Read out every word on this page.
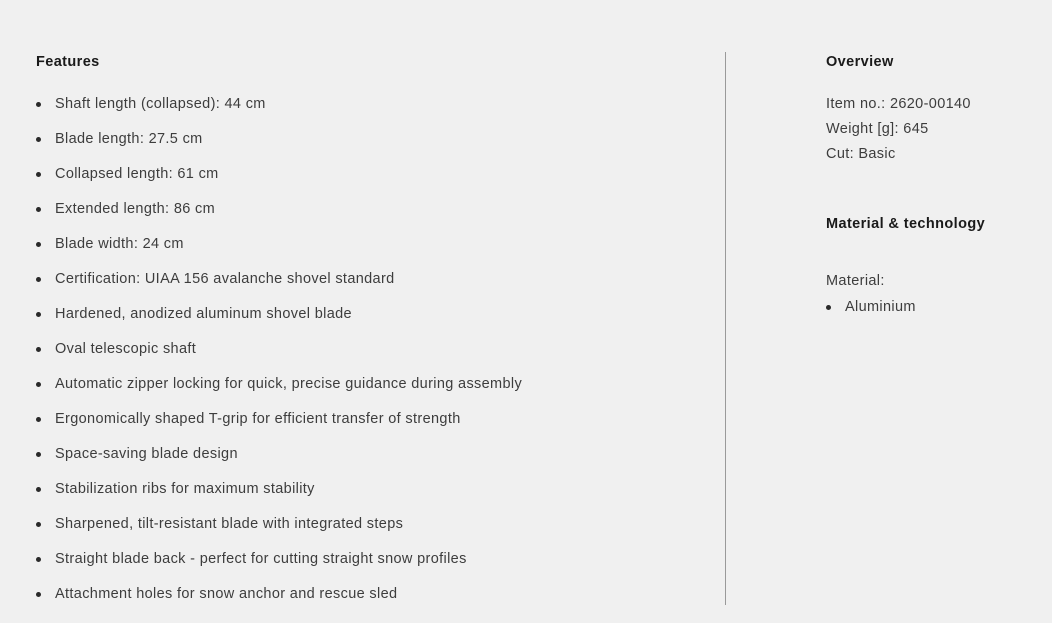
Features
Shaft length (collapsed): 44 cm
Blade length: 27.5 cm
Collapsed length: 61 cm
Extended length: 86 cm
Blade width: 24 cm
Certification: UIAA 156 avalanche shovel standard
Hardened, anodized aluminum shovel blade
Oval telescopic shaft
Automatic zipper locking for quick, precise guidance during assembly
Ergonomically shaped T-grip for efficient transfer of strength
Space-saving blade design
Stabilization ribs for maximum stability
Sharpened, tilt-resistant blade with integrated steps
Straight blade back - perfect for cutting straight snow profiles
Attachment holes for snow anchor and rescue sled
Overview
Item no.: 2620-00140
Weight [g]: 645
Cut: Basic
Material & technology
Material:
Aluminium
